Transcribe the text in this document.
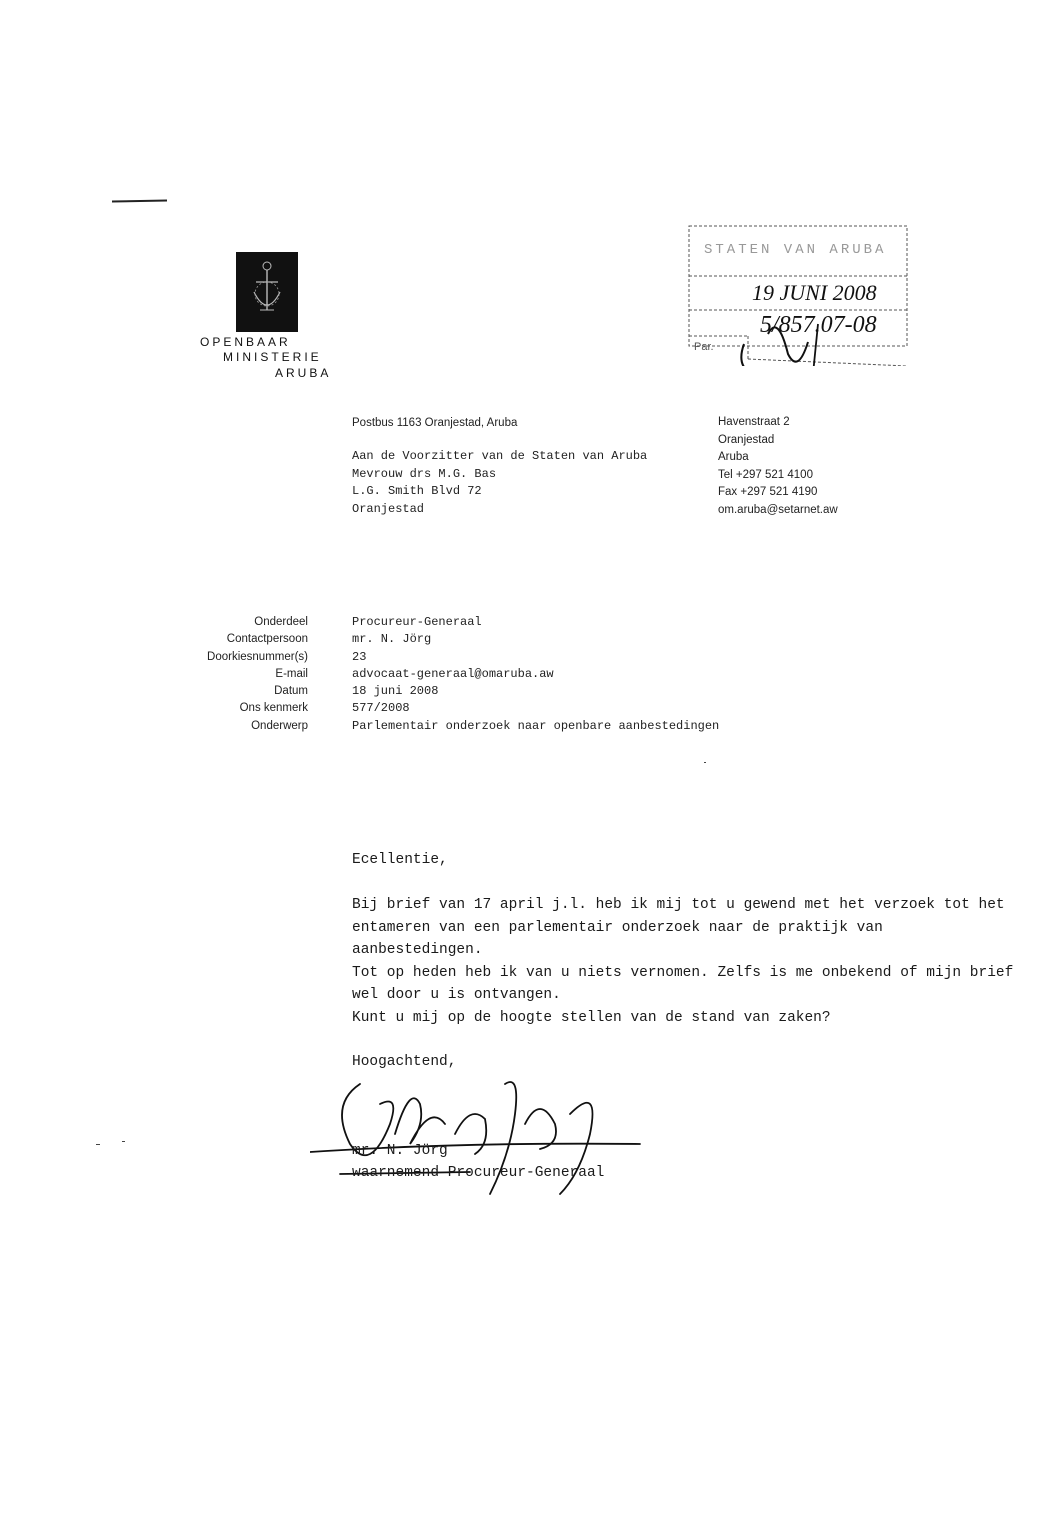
OPENBAAR
MINISTERIE
ARUBA
STATEN VAN ARUBA
19 JUNI 2008
5/857.07-08
Par.
Postbus 1163 Oranjestad, Aruba	Havenstraat 2
Oranjestad
Aruba
Tel +297 521 4100
Fax +297 521 4190
om.aruba@setarnet.aw
Aan de Voorzitter van de Staten van Aruba
Mevrouw drs M.G. Bas
L.G. Smith Blvd 72
Oranjestad
Onderdeel
Contactpersoon
Doorkiesnummer(s)
E-mail
Datum
Ons kenmerk
Onderwerp
Procureur-Generaal
mr. N. Jörg
23
advocaat-generaal@omaruba.aw
18 juni 2008
577/2008
Parlementair onderzoek naar openbare aanbestedingen
Ecellentie,
Bij brief van 17 april j.l. heb ik mij tot u gewend met het verzoek tot het
entameren van een parlementair onderzoek naar de praktijk van
aanbestedingen.
Tot op heden heb ik van u niets vernomen. Zelfs is me onbekend of mijn brief
wel door u is ontvangen.
Kunt u mij op de hoogte stellen van de stand van zaken?
Hoogachtend,
mr. N. Jörg
waarnemend Procureur-Generaal
